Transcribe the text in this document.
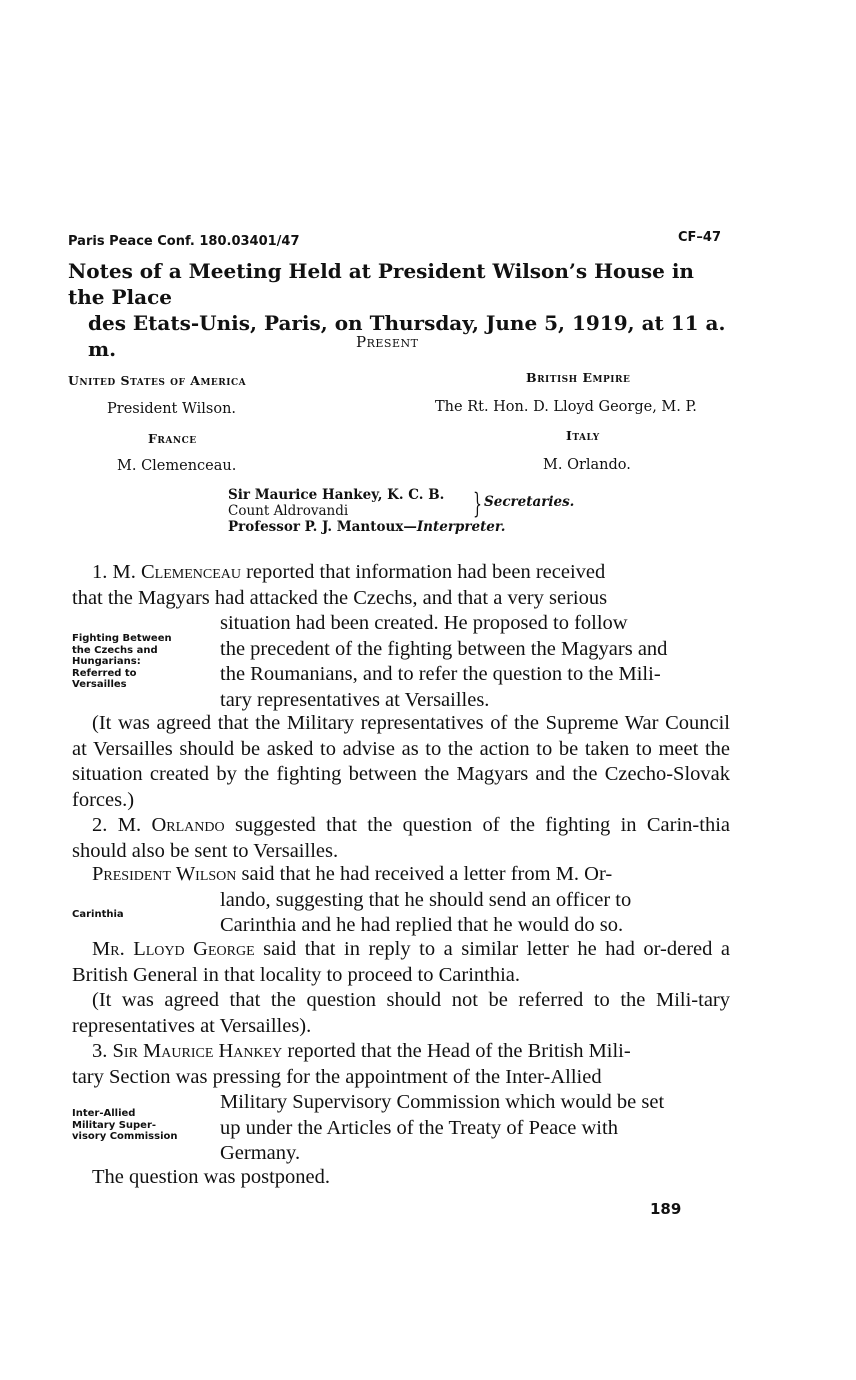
Paris Peace Conf. 180.03401/47	CF–47
Notes of a Meeting Held at President Wilson’s House in the Place
des Etats-Unis, Paris, on Thursday, June 5, 1919, at 11 a. m.	Present
United States of America
President Wilson.
France
M. Clemenceau.
British Empire
The Rt. Hon. D. Lloyd George, M. P.
Italy
M. Orlando.
Sir Maurice Hankey, K. C. B.
Count Aldrovandi
Professor P. J. Mantoux—Interpreter.
} Secretaries.
1. M. Clemenceau reported that information had been received
that the Magyars had attacked the Czechs, and that a very serious
situation had been created. He proposed to follow
the precedent of the fighting between the Magyars and
the Roumanians, and to refer the question to the Mili-
tary representatives at Versailles.
Fighting Between
the Czechs and
Hungarians:
Referred to
Versailles
(It was agreed that the Military representatives of the Supreme War Council at Versailles should be asked to advise as to the action to be taken to meet the situation created by the fighting between the Magyars and the Czecho-Slovak forces.)
2. M. Orlando suggested that the question of the fighting in Carin-thia should also be sent to Versailles.
President Wilson said that he had received a letter from M. Or-
lando, suggesting that he should send an officer to
Carinthia and he had replied that he would do so.
Carinthia
Mr. Lloyd George said that in reply to a similar letter he had or-dered a British General in that locality to proceed to Carinthia.
(It was agreed that the question should not be referred to the Mili-tary representatives at Versailles).
3. Sir Maurice Hankey reported that the Head of the British Mili-
tary Section was pressing for the appointment of the Inter-Allied
Military Supervisory Commission which would be set
up under the Articles of the Treaty of Peace with
Germany.
Inter-Allied
Military Super-
visory Commission
The question was postponed.
189
